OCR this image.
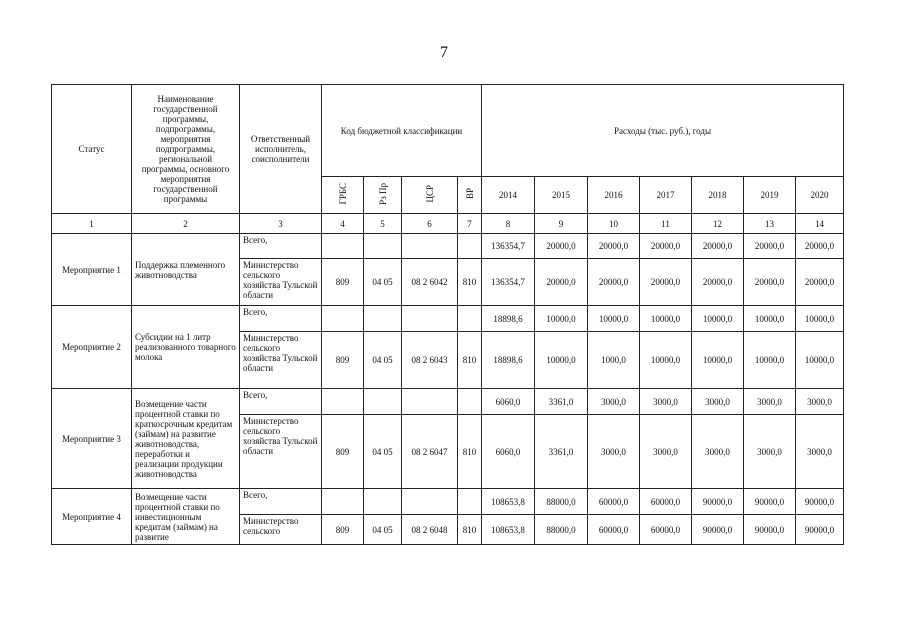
7
Статус	Наименование государственной программы, подпрограммы, мероприятия подпрограммы, региональной программы, основного мероприятия государственной программы	Ответственный исполнитель, соисполнители	Код бюджетной классификации				Расходы (тыс. руб.), годы						
			ГРБС	Рз Пр	ЦСР	ВР	2014	2015	2016	2017	2018	2019	2020
1	2	3	4	5	6	7	8	9	10	11	12	13	14
Мероприятие 1	Поддержка племенного животноводства	Всего,					136354,7	20000,0	20000,0	20000,0	20000,0	20000,0	20000,0
		Министерство сельского хозяйства Тульской области	809	04 05	08 2 6042	810	136354,7	20000,0	20000,0	20000,0	20000,0	20000,0	20000,0
Мероприятие 2	Субсидии на 1 литр реализованного товарного молока	Всего,					18898,6	10000,0	10000,0	10000,0	10000,0	10000,0	10000,0
		Министерство сельского хозяйства Тульской области	809	04 05	08 2 6043	810	18898,6	10000,0	1000,0	10000,0	10000,0	10000,0	10000,0
Мероприятие 3	Возмещение части процентной ставки по краткосрочным кредитам (займам) на развитие животноводства, переработки и реализации продукции животноводства	Всего,					6060,0	3361,0	3000,0	3000,0	3000,0	3000,0	3000,0
		Министерство сельского хозяйства Тульской области	809	04 05	08 2 6047	810	6060,0	3361,0	3000,0	3000,0	3000,0	3000,0	3000,0
Мероприятие 4	Возмещение части процентной ставки по инвестиционным кредитам (займам) на развитие	Всего,					108653,8	88000,0	60000,0	60000,0	90000,0	90000,0	90000,0
		Министерство сельского	809	04 05	08 2 6048	810	108653,8	88000,0	60000,0	60000,0	90000,0	90000,0	90000,0
